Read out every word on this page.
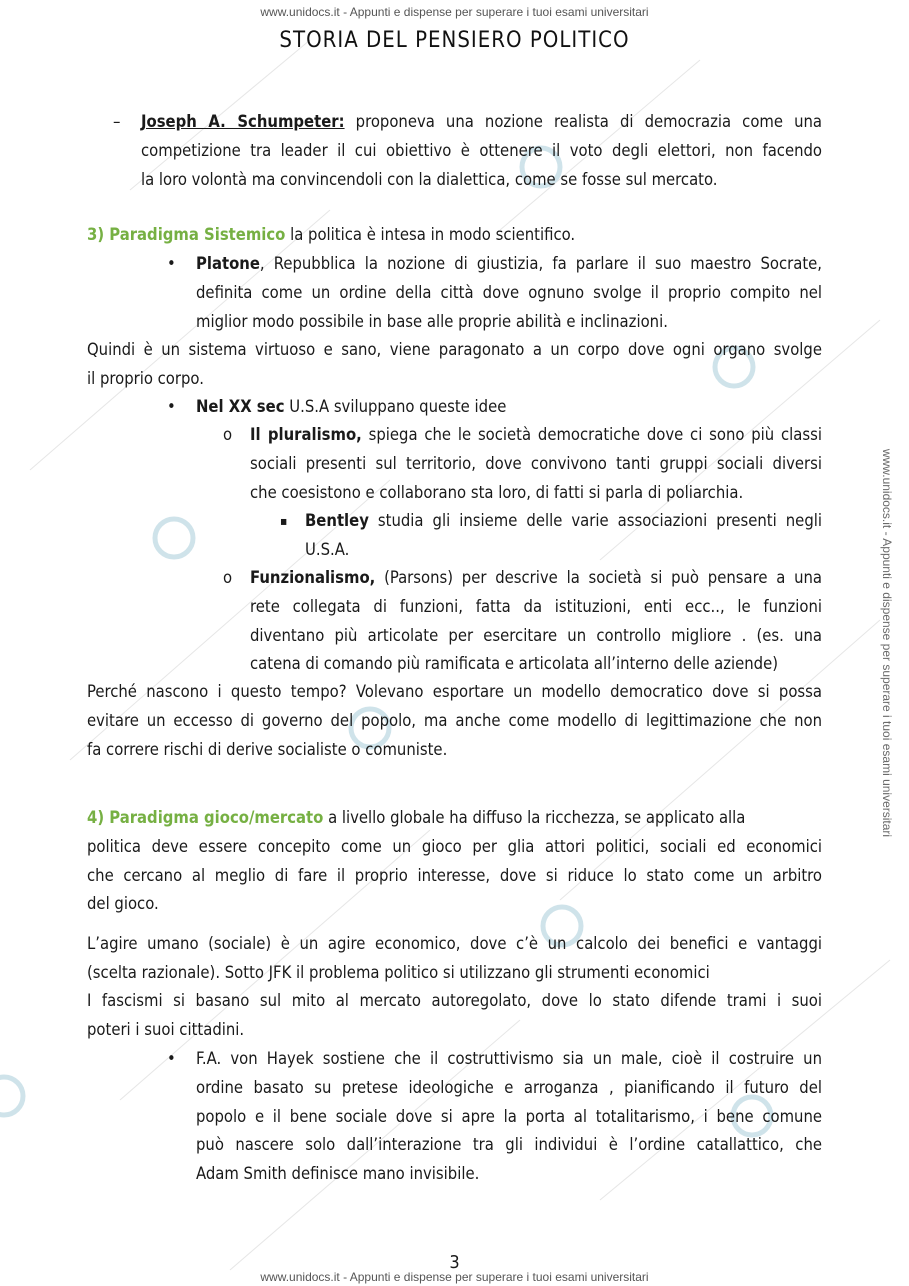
www.unidocs.it - Appunti e dispense per superare i tuoi esami universitari
www.unidocs.it - Appunti e dispense per superare i tuoi esami universitari
STORIA DEL PENSIERO POLITICO
– Joseph A. Schumpeter: proponeva una nozione realista di democrazia come una
competizione tra leader il cui obiettivo è ottenere il voto degli elettori, non facendo
la loro volontà ma convincendoli con la dialettica, come se fosse sul mercato.
3) Paradigma Sistemico la politica è intesa in modo scientifico.
• Platone, Repubblica la nozione di giustizia, fa parlare il suo maestro Socrate,
definita come un ordine della città dove ognuno svolge il proprio compito nel
miglior modo possibile in base alle proprie abilità e inclinazioni.
Quindi è un sistema virtuoso e sano, viene paragonato a un corpo dove ogni organo svolge
il proprio corpo.
• Nel XX sec U.S.A sviluppano queste idee
o Il pluralismo, spiega che le società democratiche dove ci sono più classi
sociali presenti sul territorio, dove convivono tanti gruppi sociali diversi
che coesistono e collaborano sta loro, di fatti si parla di poliarchia.
▪ Bentley studia gli insieme delle varie associazioni presenti negli
U.S.A.
o Funzionalismo, (Parsons) per descrive la società si può pensare a una
rete collegata di funzioni, fatta da istituzioni, enti ecc.., le funzioni
diventano più articolate per esercitare un controllo migliore . (es. una
catena di comando più ramificata e articolata all’interno delle aziende)
Perché nascono i questo tempo? Volevano esportare un modello democratico dove si possa
evitare un eccesso di governo del popolo, ma anche come modello di legittimazione che non
fa correre rischi di derive socialiste o comuniste.
4) Paradigma gioco/mercato a livello globale ha diffuso la ricchezza, se applicato alla
politica deve essere concepito come un gioco per glia attori politici, sociali ed economici
che cercano al meglio di fare il proprio interesse, dove si riduce lo stato come un arbitro
del gioco.
L’agire umano (sociale) è un agire economico, dove c’è un calcolo dei benefici e vantaggi
(scelta razionale). Sotto JFK il problema politico si utilizzano gli strumenti economici
I fascismi si basano sul mito al mercato autoregolato, dove lo stato difende trami i suoi
poteri i suoi cittadini.
• F.A. von Hayek sostiene che il costruttivismo sia un male, cioè il costruire un
ordine basato su pretese ideologiche e arroganza , pianificando il futuro del
popolo e il bene sociale dove si apre la porta al totalitarismo, i bene comune
può nascere solo dall’interazione tra gli individui è l’ordine catallattico, che
Adam Smith definisce mano invisibile.
3
www.unidocs.it - Appunti e dispense per superare i tuoi esami universitari
